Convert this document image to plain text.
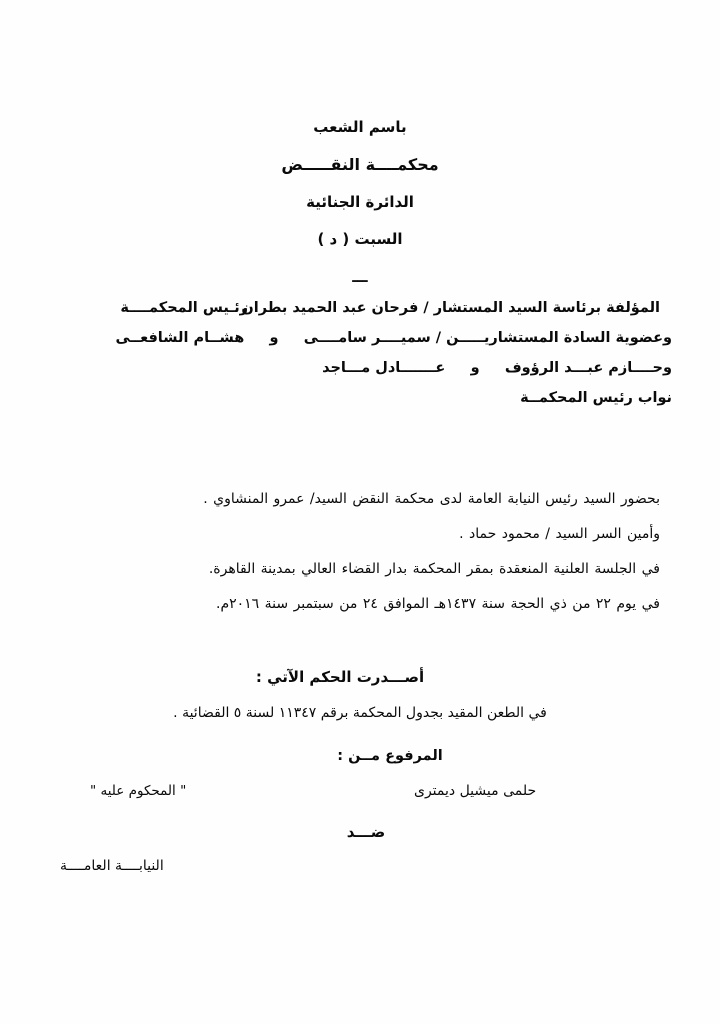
باسم الشعب
محكمــــة النقـــــض
الدائرة الجنائية
السبت ( د )
ـــ
المؤلفة برئاسة السيد المستشار / فرحان عبد الحميد بطران
رئـيس المحكمــــة
وعضوية السادة المستشاريـــــن / سميــــر سامــــى     و     هشــام الشافعــى
وحــــازم عبـــد الرؤوف     و     عـــــــادل مـــاجد
نواب رئيس المحكمــة
بحضور السيد رئيس النيابة العامة لدى محكمة النقض السيد/ عمرو المنشاوي .
وأمين السر السيد / محمود حماد .
في الجلسة العلنية المنعقدة بمقر المحكمة بدار القضاء العالي بمدينة القاهرة.
في يوم ٢٢ من ذي الحجة سنة ١٤٣٧هـ الموافق ٢٤ من سبتمبر سنة ٢٠١٦م.
أصـــدرت الحكم الآتي :
في الطعن المقيد بجدول المحكمة برقم ١١٣٤٧ لسنة ٥ القضائية .
المرفوع مــن :
حلمى ميشيل ديمترى
" المحكوم عليه "
ضـــد
النيابــــة العامــــة
